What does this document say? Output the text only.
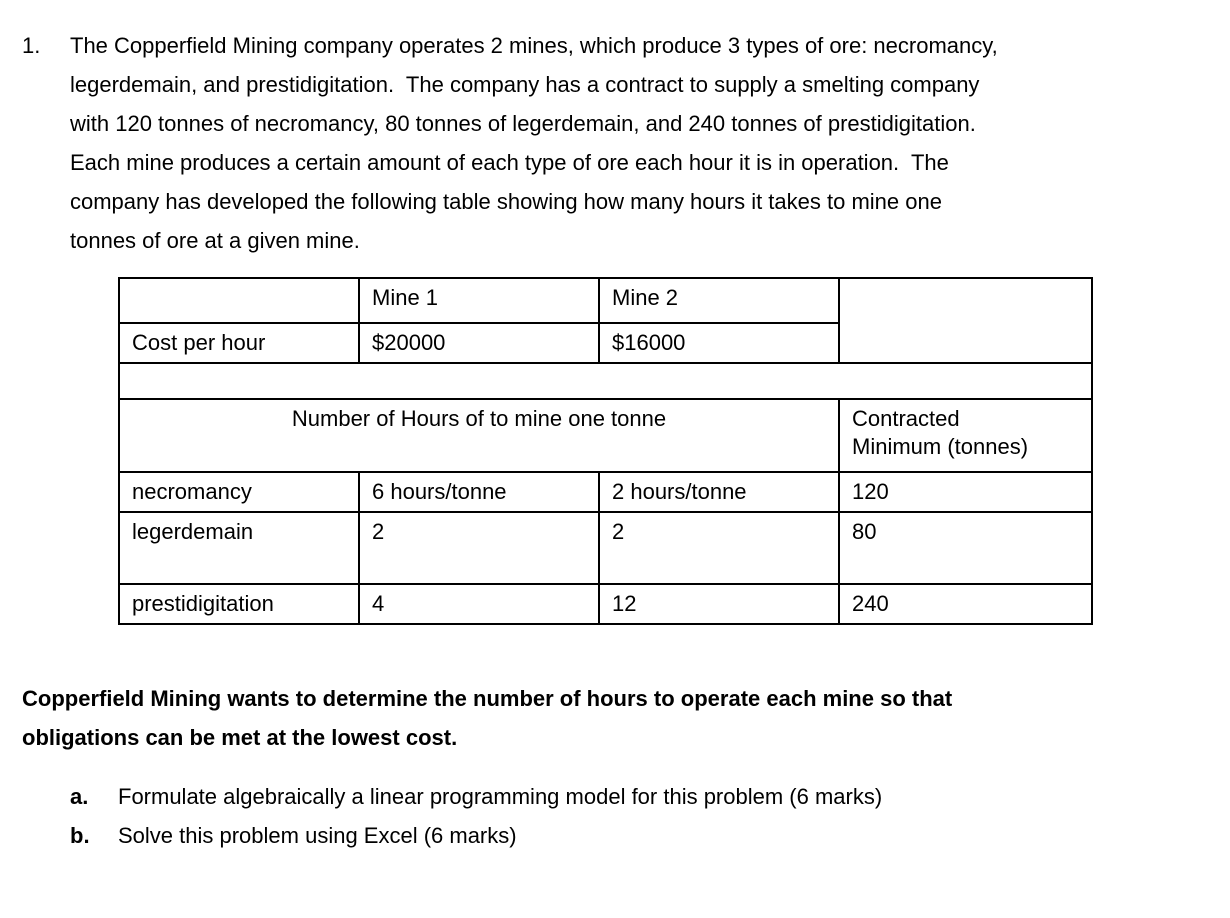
1. The Copperfield Mining company operates 2 mines, which produce 3 types of ore: necromancy,
legerdemain, and prestidigitation.  The company has a contract to supply a smelting company
with 120 tonnes of necromancy, 80 tonnes of legerdemain, and 240 tonnes of prestidigitation.
Each mine produces a certain amount of each type of ore each hour it is in operation.  The
company has developed the following table showing how many hours it takes to mine one
tonnes of ore at a given mine.
	Mine 1	Mine 2	
Cost per hour	$20000	$16000	

Number of Hours of to mine one tonne			Contracted
Minimum (tonnes)

necromancy	6 hours/tonne	2 hours/tonne	120
legerdemain	2	2	80
prestidigitation	4	12	240
Copperfield Mining wants to determine the number of hours to operate each mine so that
obligations can be met at the lowest cost.
a. Formulate algebraically a linear programming model for this problem (6 marks)
b. Solve this problem using Excel (6 marks)
